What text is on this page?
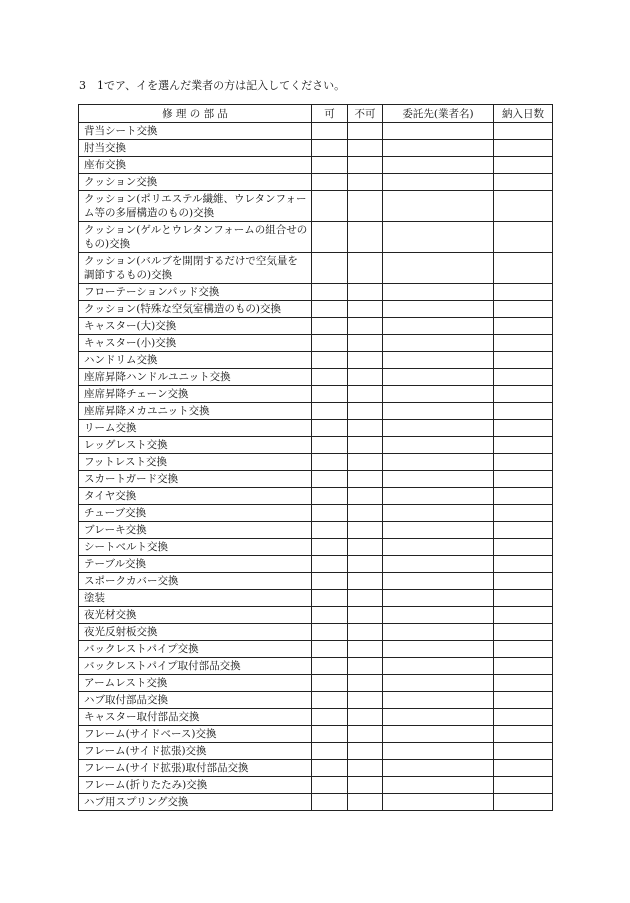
3　1でア、イを選んだ業者の方は記入してください。
修 理 の 部 品	可	不可	委託先(業者名)	納入日数
背当シート交換				
肘当交換				
座布交換				
クッション交換				
クッション(ポリエステル繊維、ウレタンフォーム等の多層構造のもの)交換				
クッション(ゲルとウレタンフォームの組合せのもの)交換				
クッション(バルブを開閉するだけで空気量を調節するもの)交換				
フローテーションパッド交換				
クッション(特殊な空気室構造のもの)交換				
キャスター(大)交換				
キャスター(小)交換				
ハンドリム交換				
座席昇降ハンドルユニット交換				
座席昇降チェーン交換				
座席昇降メカユニット交換				
リーム交換				
レッグレスト交換				
フットレスト交換				
スカートガード交換				
タイヤ交換				
チューブ交換				
ブレーキ交換				
シートベルト交換				
テーブル交換				
スポークカバー交換				
塗装				
夜光材交換				
夜光反射板交換				
バックレストパイプ交換				
バックレストパイプ取付部品交換				
アームレスト交換				
ハブ取付部品交換				
キャスター取付部品交換				
フレーム(サイドベース)交換				
フレーム(サイド拡張)交換				
フレーム(サイド拡張)取付部品交換				
フレーム(折りたたみ)交換				
ハブ用スプリング交換				
